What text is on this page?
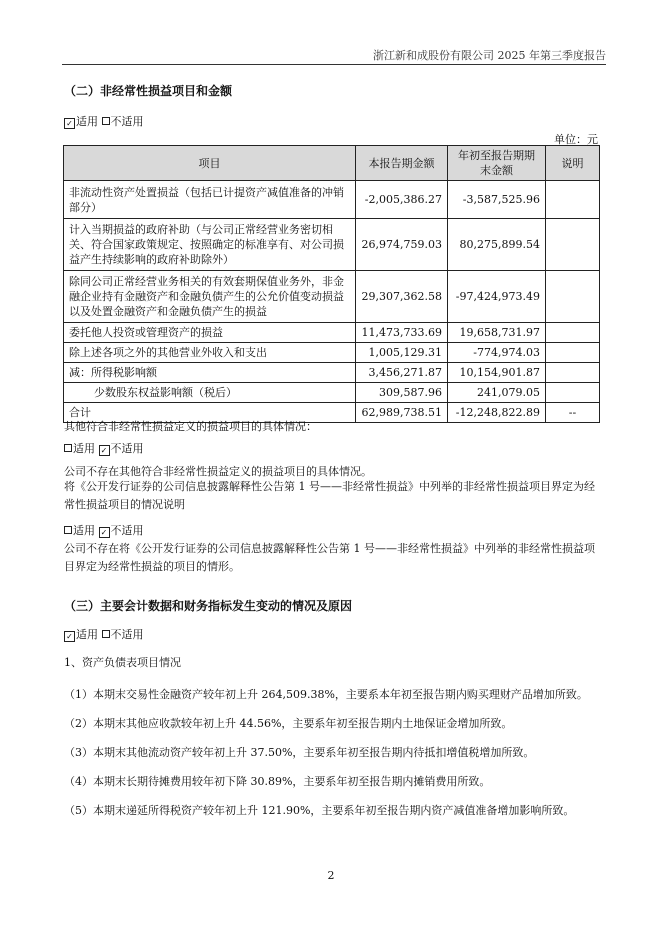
浙江新和成股份有限公司 2025 年第三季度报告
（二）非经常性损益项目和金额
✓ 适用 不适用
单位：元
项目	本报告期金额	年初至报告期期末金额	说明
非流动性资产处置损益（包括已计提资产减值准备的冲销部分）	-2,005,386.27	-3,587,525.96	
计入当期损益的政府补助（与公司正常经营业务密切相关、符合国家政策规定、按照确定的标准享有、对公司损益产生持续影响的政府补助除外）	26,974,759.03	80,275,899.54	
除同公司正常经营业务相关的有效套期保值业务外，非金融企业持有金融资产和金融负债产生的公允价值变动损益以及处置金融资产和金融负债产生的损益	29,307,362.58	-97,424,973.49	
委托他人投资或管理资产的损益	11,473,733.69	19,658,731.97	
除上述各项之外的其他营业外收入和支出	1,005,129.31	-774,974.03	
减：所得税影响额	3,456,271.87	10,154,901.87	
少数股东权益影响额（税后）	309,587.96	241,079.05	
合计	62,989,738.51	-12,248,822.89	--
其他符合非经常性损益定义的损益项目的具体情况：
适用 ✓ 不适用
公司不存在其他符合非经常性损益定义的损益项目的具体情况。
将《公开发行证券的公司信息披露解释性公告第 1 号——非经常性损益》中列举的非经常性损益项目界定为经常性损益项目的情况说明
适用 ✓ 不适用
公司不存在将《公开发行证券的公司信息披露解释性公告第 1 号——非经常性损益》中列举的非经常性损益项目界定为经常性损益的项目的情形。
（三）主要会计数据和财务指标发生变动的情况及原因
✓ 适用 不适用
1、资产负债表项目情况
（1）本期末交易性金融资产较年初上升 264,509.38%，主要系本年初至报告期内购买理财产品增加所致。
（2）本期末其他应收款较年初上升 44.56%，主要系年初至报告期内土地保证金增加所致。
（3）本期末其他流动资产较年初上升 37.50%，主要系年初至报告期内待抵扣增值税增加所致。
（4）本期末长期待摊费用较年初下降 30.89%，主要系年初至报告期内摊销费用所致。
（5）本期末递延所得税资产较年初上升 121.90%，主要系年初至报告期内资产减值准备增加影响所致。
2
